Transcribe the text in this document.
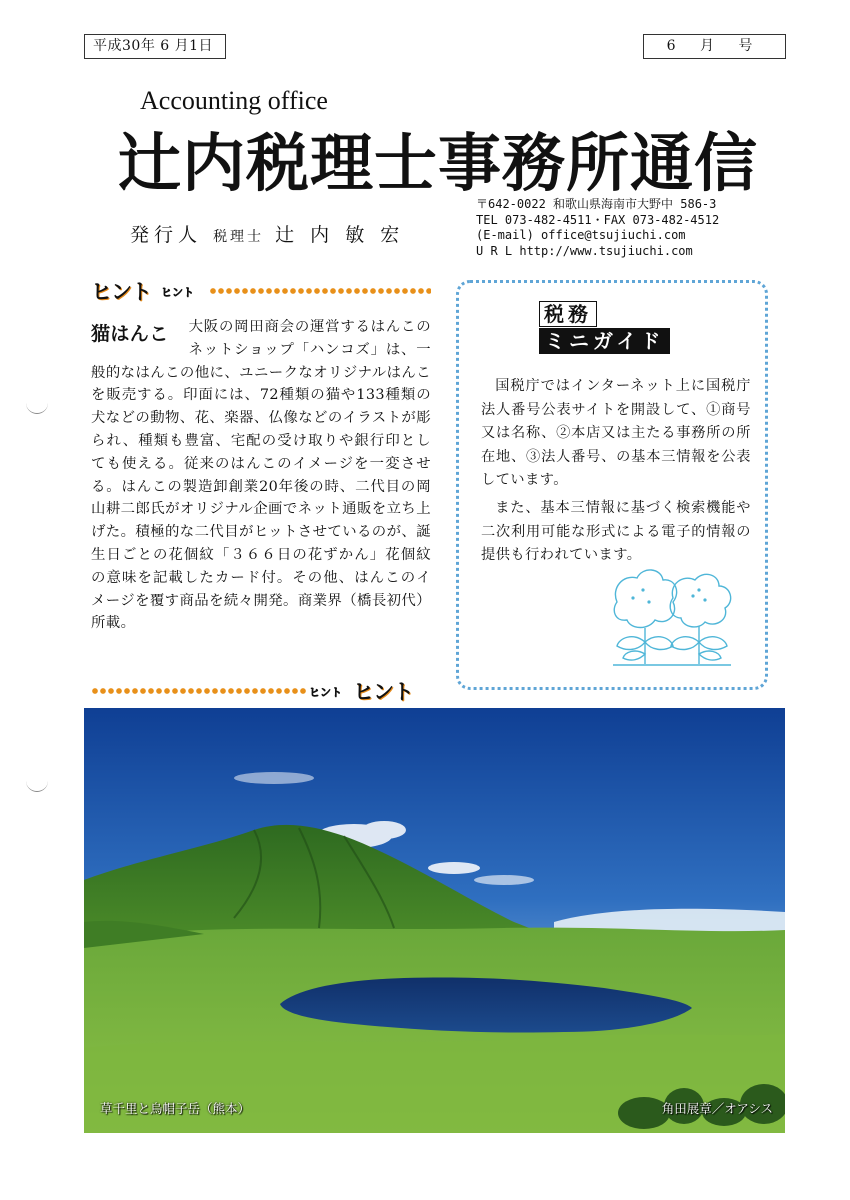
平成30年 6 月1日	6 月 号
Accounting office
辻内税理士事務所通信
発行人 税理士 辻 内 敏 宏
〒642-0022 和歌山県海南市大野中 586-3
TEL 073-482-4511・FAX 073-482-4512
(E-mail) office@tsujiuchi.com
U R L http://www.tsujiuchi.com
ヒント ヒント
猫はんこ	大阪の岡田商会の運営するはんこのネットショップ「ハンコズ」は、一般的なはんこの他に、ユニークなオリジナルはんこを販売する。印面には、72種類の猫や133種類の犬などの動物、花、楽器、仏像などのイラストが彫られ、種類も豊富、宅配の受け取りや銀行印としても使える。従来のはんこのイメージを一変させる。はんこの製造卸創業20年後の時、二代目の岡山耕二郎氏がオリジナル企画でネット通販を立ち上げた。積極的な二代目がヒットさせているのが、誕生日ごとの花個紋「３６６日の花ずかん」花個紋の意味を記載したカード付。その他、はんこのイメージを覆す商品を続々開発。商業界（橋長初代）所載。
ヒント ヒント
税務
ミニガイド

国税庁ではインターネット上に国税庁法人番号公表サイトを開設して、①商号又は名称、②本店又は主たる事務所の所在地、③法人番号、の基本三情報を公表しています。

また、基本三情報に基づく検索機能や二次利用可能な形式による電子的情報の提供も行われています。

草千里と烏帽子岳（熊本）	角田展章／オアシス
